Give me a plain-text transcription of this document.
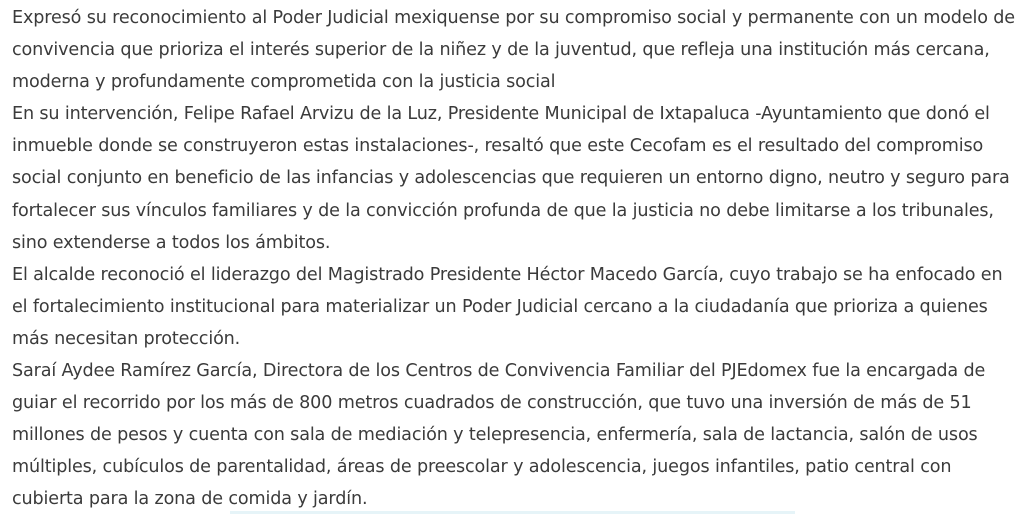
Expresó su reconocimiento al Poder Judicial mexiquense por su compromiso social y permanente con un modelo de convivencia que prioriza el interés superior de la niñez y de la juventud, que refleja una institución más cercana, moderna y profundamente comprometida con la justicia social

En su intervención, Felipe Rafael Arvizu de la Luz, Presidente Municipal de Ixtapaluca -Ayuntamiento que donó el inmueble donde se construyeron estas instalaciones-, resaltó que este Cecofam es el resultado del compromiso social conjunto en beneficio de las infancias y adolescencias que requieren un entorno digno, neutro y seguro para fortalecer sus vínculos familiares y de la convicción profunda de que la justicia no debe limitarse a los tribunales, sino extenderse a todos los ámbitos.

El alcalde reconoció el liderazgo del Magistrado Presidente Héctor Macedo García, cuyo trabajo se ha enfocado en el fortalecimiento institucional para materializar un Poder Judicial cercano a la ciudadanía que prioriza a quienes más necesitan protección.

Saraí Aydee Ramírez García, Directora de los Centros de Convivencia Familiar del PJEdomex fue la encargada de guiar el recorrido por los más de 800 metros cuadrados de construcción, que tuvo una inversión de más de 51 millones de pesos y cuenta con sala de mediación y telepresencia, enfermería, sala de lactancia, salón de usos múltiples, cubículos de parentalidad, áreas de preescolar y adolescencia, juegos infantiles, patio central con cubierta para la zona de comida y jardín.
